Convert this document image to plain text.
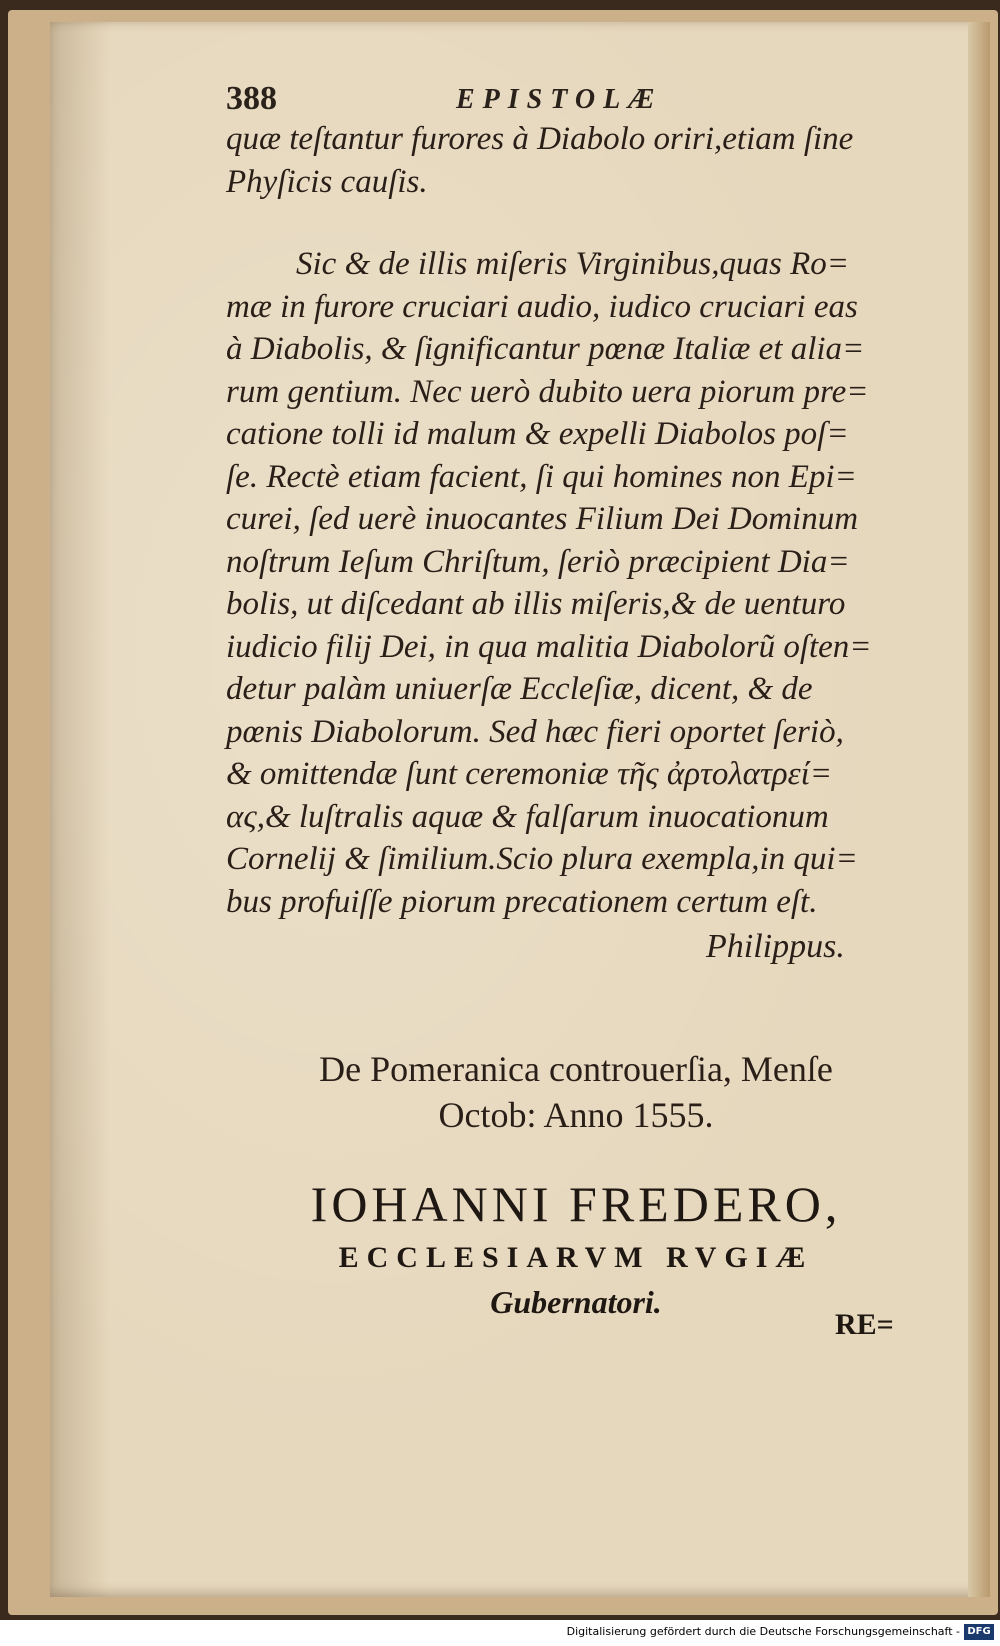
388	EPISTOLÆ
quæ teſtantur furores à Diabolo oriri,etiam ſine
Phyſicis cauſis.
Sic & de illis miſeris Virginibus,quas Ro=
mæ in furore cruciari audio, iudico cruciari eas
à Diabolis, & ſignificantur pœnæ Italiæ et alia=
rum gentium. Nec uerò dubito uera piorum pre=
catione tolli id malum & expelli Diabolos poſ=
ſe. Rectè etiam facient, ſi qui homines non Epi=
curei, ſed uerè inuocantes Filium Dei Dominum
noſtrum Ieſum Chriſtum, ſeriò præcipient Dia=
bolis, ut diſcedant ab illis miſeris,& de uenturo
iudicio filij Dei, in qua malitia Diabolorũ oſten=
detur palàm uniuerſæ Eccleſiæ, dicent, & de
pœnis Diabolorum. Sed hæc fieri oportet ſeriò,
& omittendæ ſunt ceremoniæ τῆς ἀρτολατρεί=
ας,& luſtralis aquæ & falſarum inuocationum
Cornelij & ſimilium.Scio plura exempla,in qui=
bus profuiſſe piorum precationem certum eſt.
Philippus.
De Pomeranica controuerſia, Menſe
Octob: Anno 1555.
IOHANNI FREDERO,
ECCLESIARVM RVGIÆ
Gubernatori.
RE=
Digitalisierung gefördert durch die Deutsche Forschungsgemeinschaft - DFG
